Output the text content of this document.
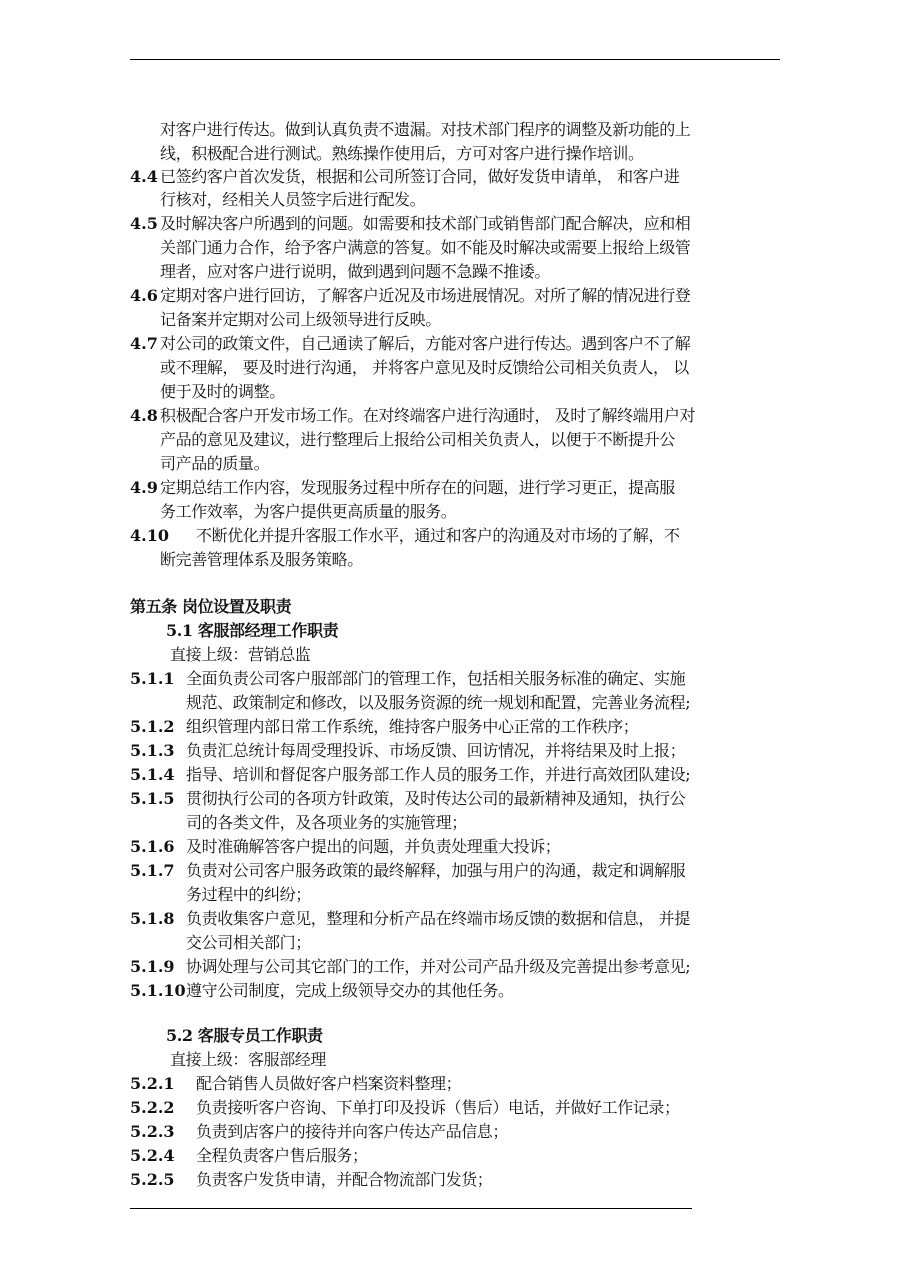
对客户进行传达。做到认真负责不遗漏。对技术部门程序的调整及新功能的上
线，积极配合进行测试。熟练操作使用后，方可对客户进行操作培训。
4.4 已签约客户首次发货，根据和公司所签订合同，做好发货申请单， 和客户进
行核对，经相关人员签字后进行配发。
4.5 及时解决客户所遇到的问题。如需要和技术部门或销售部门配合解决，应和相
关部门通力合作，给予客户满意的答复。如不能及时解决或需要上报给上级管
理者，应对客户进行说明，做到遇到问题不急躁不推诿。
4.6 定期对客户进行回访，了解客户近况及市场进展情况。对所了解的情况进行登
记备案并定期对公司上级领导进行反映。
4.7 对公司的政策文件，自己通读了解后，方能对客户进行传达。遇到客户不了解
或不理解， 要及时进行沟通， 并将客户意见及时反馈给公司相关负责人， 以
便于及时的调整。
4.8 积极配合客户开发市场工作。在对终端客户进行沟通时， 及时了解终端用户对
产品的意见及建议，进行整理后上报给公司相关负责人，以便于不断提升公
司产品的质量。
4.9 定期总结工作内容，发现服务过程中所存在的问题，进行学习更正，提高服
务工作效率，为客户提供更高质量的服务。
4.10 不断优化并提升客服工作水平，通过和客户的沟通及对市场的了解，不
断完善管理体系及服务策略。
第五条 岗位设置及职责
5.1 客服部经理工作职责
直接上级：营销总监
5.1.1 全面负责公司客户服部部门的管理工作，包括相关服务标准的确定、实施
规范、政策制定和修改，以及服务资源的统一规划和配置，完善业务流程;
5.1.2 组织管理内部日常工作系统，维持客户服务中心正常的工作秩序；
5.1.3 负责汇总统计每周受理投诉、市场反馈、回访情况，并将结果及时上报；
5.1.4 指导、培训和督促客户服务部工作人员的服务工作，并进行高效团队建设;
5.1.5 贯彻执行公司的各项方针政策，及时传达公司的最新精神及通知，执行公
司的各类文件，及各项业务的实施管理；
5.1.6 及时准确解答客户提出的问题，并负责处理重大投诉；
5.1.7 负责对公司客户服务政策的最终解释，加强与用户的沟通，裁定和调解服
务过程中的纠纷；
5.1.8 负责收集客户意见，整理和分析产品在终端市场反馈的数据和信息， 并提
交公司相关部门；
5.1.9 协调处理与公司其它部门的工作，并对公司产品升级及完善提出参考意见;
5.1.10 遵守公司制度，完成上级领导交办的其他任务。
5.2 客服专员工作职责
直接上级：客服部经理
5.2.1 配合销售人员做好客户档案资料整理；
5.2.2 负责接听客户咨询、下单打印及投诉（售后）电话，并做好工作记录；
5.2.3 负责到店客户的接待并向客户传达产品信息；
5.2.4 全程负责客户售后服务；
5.2.5 负责客户发货申请，并配合物流部门发货；
